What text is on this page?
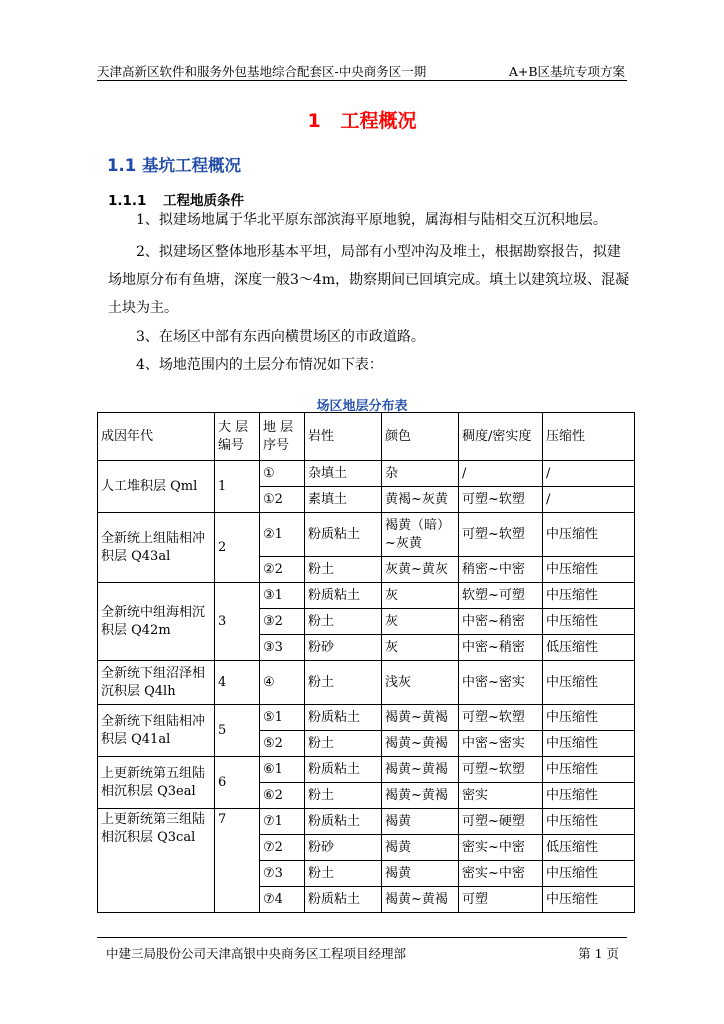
天津高新区软件和服务外包基地综合配套区-中央商务区一期	A+B区基坑专项方案
1   工程概况
1.1 基坑工程概况
1.1.1 工程地质条件
1、拟建场地属于华北平原东部滨海平原地貌，属海相与陆相交互沉积地层。
2、拟建场区整体地形基本平坦，局部有小型冲沟及堆土，根据勘察报告，拟建场地原分布有鱼塘，深度一般3～4m，勘察期间已回填完成。填土以建筑垃圾、混凝土块为主。
3、在场区中部有东西向横贯场区的市政道路。
4、场地范围内的土层分布情况如下表：
场区地层分布表
成因年代	大 层编号	地 层序号	岩性	颜色	稠度/密实度	压缩性
人工堆积层 Qml	1	①	杂填土	杂	/	/
		①2	素填土	黄褐~灰黄	可塑~软塑	/
全新统上组陆相冲积层 Q43al	2	②1	粉质粘土	褐黄（暗）~灰黄	可塑~软塑	中压缩性
		②2	粉土	灰黄~黄灰	稍密~中密	中压缩性
全新统中组海相沉积层 Q42m	3	③1	粉质粘土	灰	软塑~可塑	中压缩性
		③2	粉土	灰	中密~稍密	中压缩性
		③3	粉砂	灰	中密~稍密	低压缩性
全新统下组沼泽相沉积层 Q4lh	4	④	粉土	浅灰	中密~密实	中压缩性
全新统下组陆相冲积层 Q41al	5	⑤1	粉质粘土	褐黄~黄褐	可塑~软塑	中压缩性
		⑤2	粉土	褐黄~黄褐	中密~密实	中压缩性
上更新统第五组陆相沉积层 Q3eal	6	⑥1	粉质粘土	褐黄~黄褐	可塑~软塑	中压缩性
		⑥2	粉土	褐黄~黄褐	密实	中压缩性
上更新统第三组陆相沉积层 Q3cal	7	⑦1	粉质粘土	褐黄	可塑~硬塑	中压缩性
		⑦2	粉砂	褐黄	密实~中密	低压缩性
		⑦3	粉土	褐黄	密实~中密	中压缩性
		⑦4	粉质粘土	褐黄~黄褐	可塑	中压缩性
中建三局股份公司天津高银中央商务区工程项目经理部	第 1 页
